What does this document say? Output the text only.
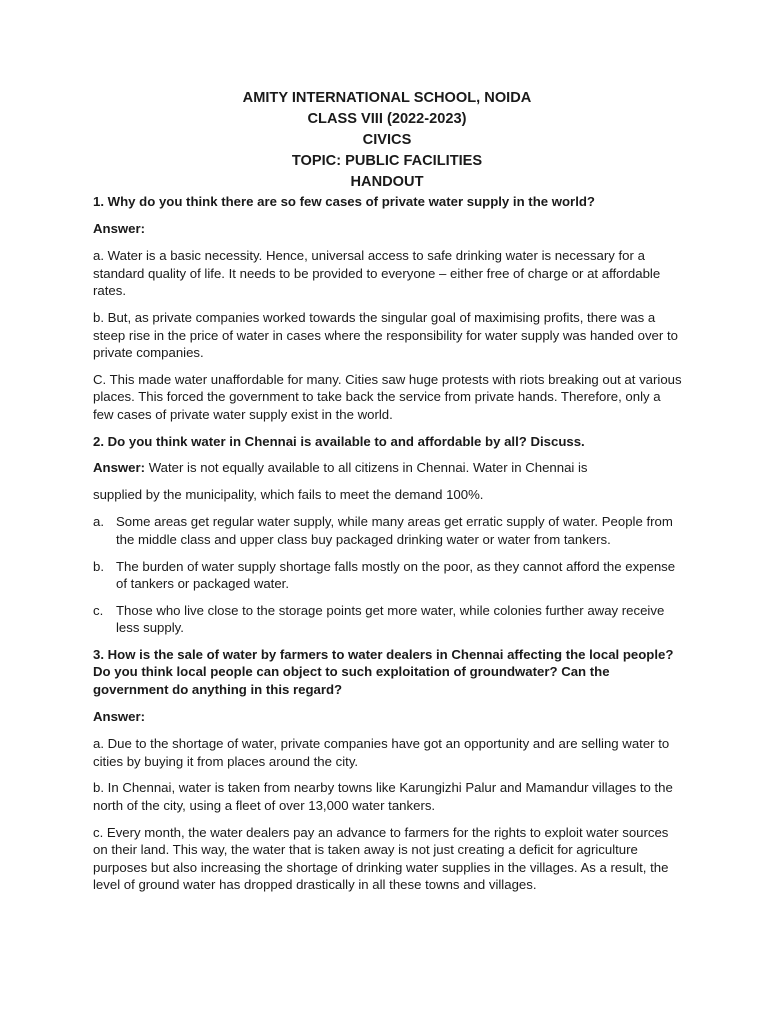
AMITY INTERNATIONAL SCHOOL, NOIDA
CLASS VIII (2022-2023)
CIVICS
TOPIC: PUBLIC FACILITIES
HANDOUT

1. Why do you think there are so few cases of private water supply in the world?

Answer:

a. Water is a basic necessity. Hence, universal access to safe drinking water is necessary for a standard quality of life. It needs to be provided to everyone – either free of charge or at affordable rates.

b. But, as private companies worked towards the singular goal of maximising profits, there was a steep rise in the price of water in cases where the responsibility for water supply was handed over to private companies.

C. This made water unaffordable for many. Cities saw huge protests with riots breaking out at various places. This forced the government to take back the service from private hands. Therefore, only a few cases of private water supply exist in the world.

2. Do you think water in Chennai is available to and affordable by all? Discuss.

Answer: Water is not equally available to all citizens in Chennai. Water in Chennai is

supplied by the municipality, which fails to meet the demand 100%.

a. Some areas get regular water supply, while many areas get erratic supply of water. People from the middle class and upper class buy packaged drinking water or water from tankers.
b. The burden of water supply shortage falls mostly on the poor, as they cannot afford the expense of tankers or packaged water.
c. Those who live close to the storage points get more water, while colonies further away receive less supply.

3. How is the sale of water by farmers to water dealers in Chennai affecting the local people? Do you think local people can object to such exploitation of groundwater? Can the government do anything in this regard?

Answer:

a. Due to the shortage of water, private companies have got an opportunity and are selling water to cities by buying it from places around the city.

b. In Chennai, water is taken from nearby towns like Karungizhi Palur and Mamandur villages to the north of the city, using a fleet of over 13,000 water tankers.

c. Every month, the water dealers pay an advance to farmers for the rights to exploit water sources on their land. This way, the water that is taken away is not just creating a deficit for agriculture purposes but also increasing the shortage of drinking water supplies in the villages. As a result, the level of ground water has dropped drastically in all these towns and villages.
